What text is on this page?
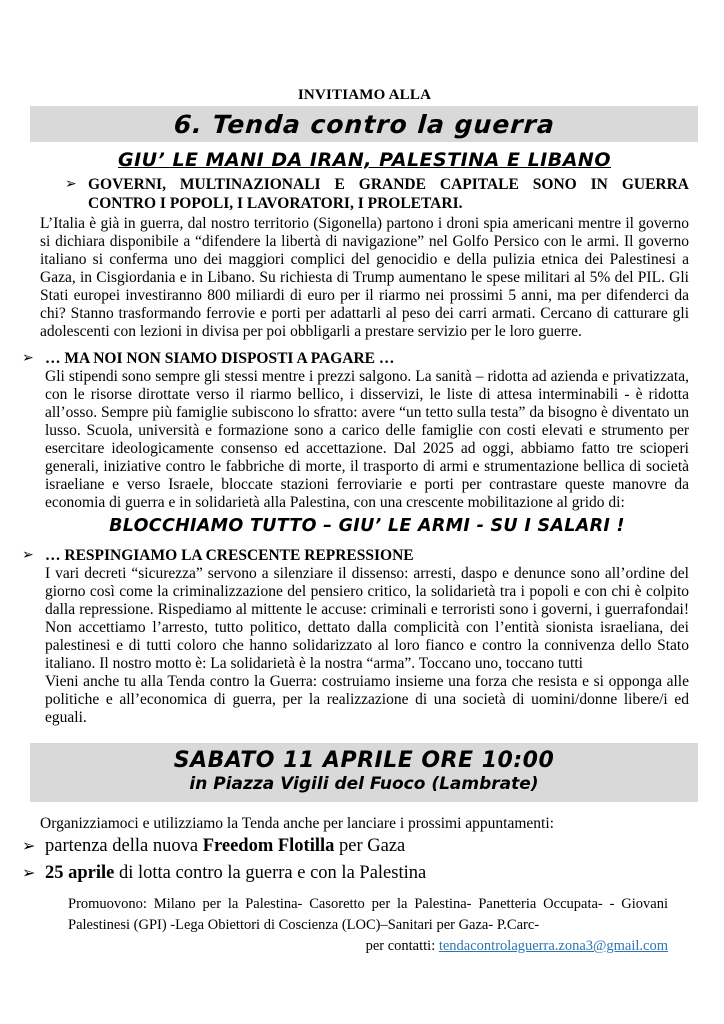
INVITIAMO ALLA
6. Tenda contro la guerra
GIU’ LE MANI DA IRAN, PALESTINA E LIBANO
➢ GOVERNI, MULTINAZIONALI E GRANDE CAPITALE SONO IN GUERRA CONTRO I POPOLI, I LAVORATORI, I PROLETARI.

L’Italia è già in guerra, dal nostro territorio (Sigonella) partono i droni spia americani mentre il governo si dichiara disponibile a “difendere la libertà di navigazione” nel Golfo Persico con le armi. Il governo italiano si conferma uno dei maggiori complici del genocidio e della pulizia etnica dei Palestinesi a Gaza, in Cisgiordania e in Libano. Su richiesta di Trump aumentano le spese militari al 5% del PIL. Gli Stati europei investiranno 800 miliardi di euro per il riarmo nei prossimi 5 anni, ma per difenderci da chi? Stanno trasformando ferrovie e porti per adattarli al peso dei carri armati. Cercano di catturare gli adolescenti con lezioni in divisa per poi obbligarli a prestare servizio per le loro guerre.

➢ … MA NOI NON SIAMO DISPOSTI A PAGARE …

Gli stipendi sono sempre gli stessi mentre i prezzi salgono. La sanità – ridotta ad azienda e privatizzata, con le risorse dirottate verso il riarmo bellico, i disservizi, le liste di attesa interminabili - è ridotta all’osso. Sempre più famiglie subiscono lo sfratto: avere “un tetto sulla testa” da bisogno è diventato un lusso. Scuola, università e formazione sono a carico delle famiglie con costi elevati e strumento per esercitare ideologicamente consenso ed accettazione. Dal 2025 ad oggi, abbiamo fatto tre scioperi generali, iniziative contro le fabbriche di morte, il trasporto di armi e strumentazione bellica di società israeliane e verso Israele, bloccate stazioni ferroviarie e porti per contrastare queste manovre da economia di guerra e in solidarietà alla Palestina, con una crescente mobilitazione al grido di:

BLOCCHIAMO TUTTO – GIU’ LE ARMI - SU I SALARI !
➢ … RESPINGIAMO LA CRESCENTE REPRESSIONE

I vari decreti “sicurezza” servono a silenziare il dissenso: arresti, daspo e denunce sono all’ordine del giorno così come la criminalizzazione del pensiero critico, la solidarietà tra i popoli e con chi è colpito dalla repressione. Rispediamo al mittente le accuse: criminali e terroristi sono i governi, i guerrafondai! Non accettiamo l’arresto, tutto politico, dettato dalla complicità con l’entità sionista israeliana, dei palestinesi e di tutti coloro che hanno solidarizzato al loro fianco e contro la connivenza dello Stato italiano. Il nostro motto è: La solidarietà è la nostra “arma”. Toccano uno, toccano tutti

Vieni anche tu alla Tenda contro la Guerra: costruiamo insieme una forza che resista e si opponga alle politiche e all’economica di guerra, per la realizzazione di una società di uomini/donne libere/i ed eguali.

SABATO 11 APRILE ORE 10:00
in Piazza Vigili del Fuoco (Lambrate)

Organizziamoci e utilizziamo la Tenda anche per lanciare i prossimi appuntamenti:

➢ partenza della nuova Freedom Flotilla per Gaza
➢ 25 aprile di lotta contro la guerra e con la Palestina
Promuovono: Milano per la Palestina- Casoretto per la Palestina- Panetteria Occupata- - Giovani Palestinesi (GPI) -Lega Obiettori di Coscienza (LOC)–Sanitari per Gaza- P.Carc-
per contatti: tendacontrolaguerra.zona3@gmail.com
